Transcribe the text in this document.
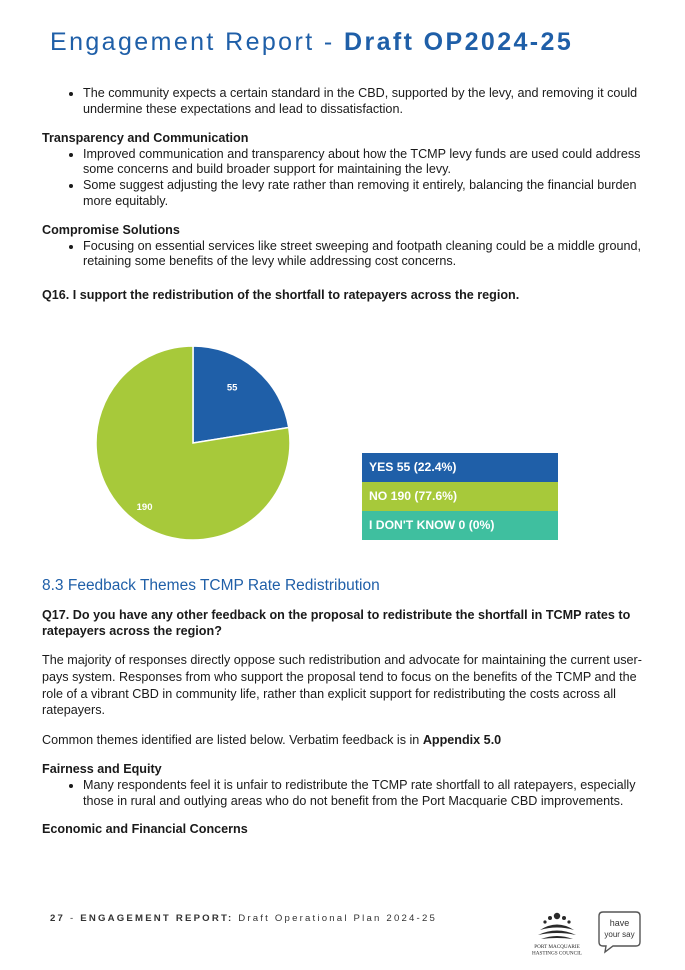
Engagement Report - Draft OP2024-25
• The community expects a certain standard in the CBD, supported by the levy, and removing it could undermine these expectations and lead to dissatisfaction.

Transparency and Communication

• Improved communication and transparency about how the TCMP levy funds are used could address some concerns and build broader support for maintaining the levy.
• Some suggest adjusting the levy rate rather than removing it entirely, balancing the financial burden more equitably.

Compromise Solutions

• Focusing on essential services like street sweeping and footpath cleaning could be a middle ground, retaining some benefits of the levy while addressing cost concerns.

Q16. I support the redistribution of the shortfall to ratepayers across the region.

55
190
YES 55 (22.4%)
NO 190 (77.6%)
I DON'T KNOW 0 (0%)

8.3 Feedback Themes TCMP Rate Redistribution

Q17. Do you have any other feedback on the proposal to redistribute the shortfall in TCMP rates to ratepayers across the region?

The majority of responses directly oppose such redistribution and advocate for maintaining the current user-pays system. Responses from who support the proposal tend to focus on the benefits of the TCMP and the role of a vibrant CBD in community life, rather than explicit support for redistributing the costs across all ratepayers.

Common themes identified are listed below. Verbatim feedback is in Appendix 5.0

Fairness and Equity

• Many respondents feel it is unfair to redistribute the TCMP rate shortfall to all ratepayers, especially those in rural and outlying areas who do not benefit from the Port Macquarie CBD improvements.

Economic and Financial Concerns

27 - ENGAGEMENT REPORT: Draft Operational Plan 2024-25
PORT MACQUARIE
HASTINGS COUNCIL
have
your say
